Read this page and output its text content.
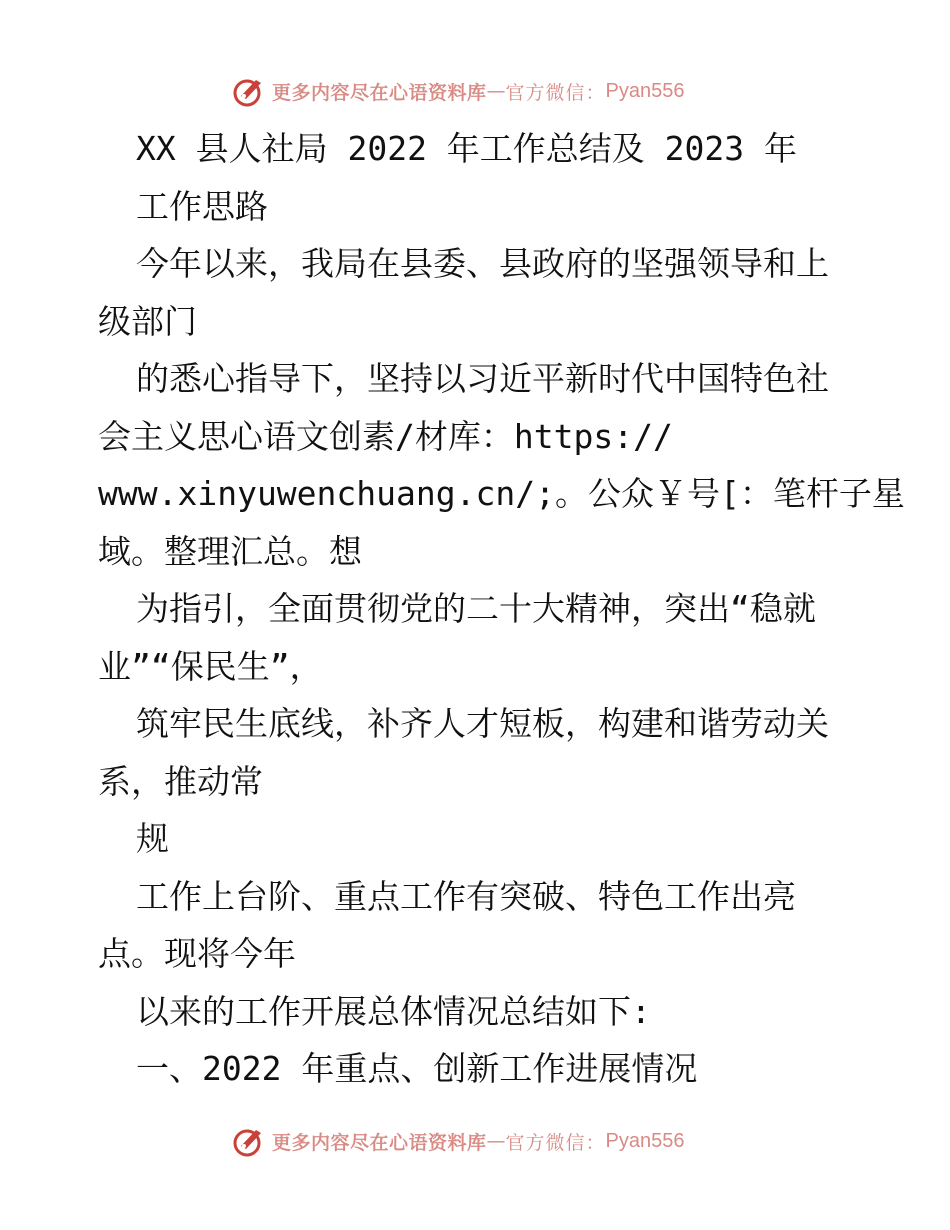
更多内容尽在心语资料库 — 官方微信： Pyan556
XX 县人社局 2022 年工作总结及 2023 年
工作思路
今年以来，我局在县委、县政府的坚强领导和上
级部门
的悉心指导下，坚持以习近平新时代中国特色社
会主义思心语文创素/材库：https://
www.xinyuwenchuang.cn/;。公众￥号[：笔杆子星
域。整理汇总。想
为指引，全面贯彻党的二十大精神，突出“稳就
业”“保民生”，
筑牢民生底线，补齐人才短板，构建和谐劳动关
系，推动常
规
工作上台阶、重点工作有突破、特色工作出亮
点。现将今年
以来的工作开展总体情况总结如下:
一、2022 年重点、创新工作进展情况
更多内容尽在心语资料库 — 官方微信： Pyan556
